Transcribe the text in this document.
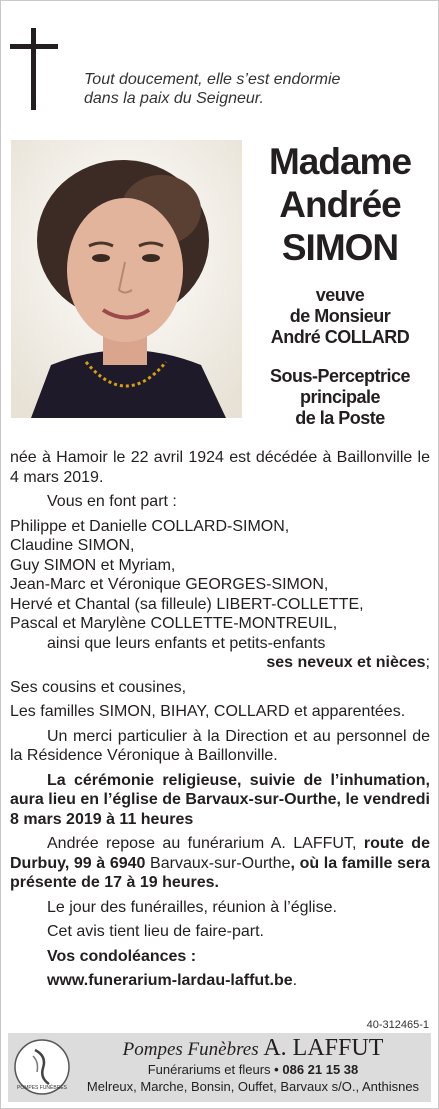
Tout doucement, elle s’est endormie
dans la paix du Seigneur.
Madame
Andrée
SIMON
veuve
de Monsieur
André COLLARD
Sous-Perceptrice
principale
de la Poste

née à Hamoir le 22 avril 1924 est décédée à Baillonville le 4 mars 2019.

Vous en font part :

Philippe et Danielle COLLARD-SIMON,

Claudine SIMON,

Guy SIMON et Myriam,

Jean-Marc et Véronique GEORGES-SIMON,

Hervé et Chantal (sa filleule) LIBERT-COLLETTE,

Pascal et Marylène COLLETTE-MONTREUIL,

ainsi que leurs enfants et petits-enfants

ses neveux et nièces;

Ses cousins et cousines,

Les familles SIMON, BIHAY, COLLARD et apparentées.

Un merci particulier à la Direction et au personnel de la Résidence Véronique à Baillonville.

La cérémonie religieuse, suivie de l’inhumation, aura lieu en l’église de Barvaux-sur-Ourthe, le vendredi 8 mars 2019 à 11 heures

Andrée repose au funérarium A. LAFFUT, route de Durbuy, 99 à 6940 Barvaux-sur-Ourthe, où la famille sera présente de 17 à 19 heures.

Le jour des funérailles, réunion à l’église.

Cet avis tient lieu de faire-part.

Vos condoléances :

www.funerarium-lardau-laffut.be.

40-312465-1
POMPES FUNÈBRES
Pompes Funèbres A. LAFFUT
Funérariums et fleurs • 086 21 15 38
Melreux, Marche, Bonsin, Ouffet, Barvaux s/O., Anthisnes
